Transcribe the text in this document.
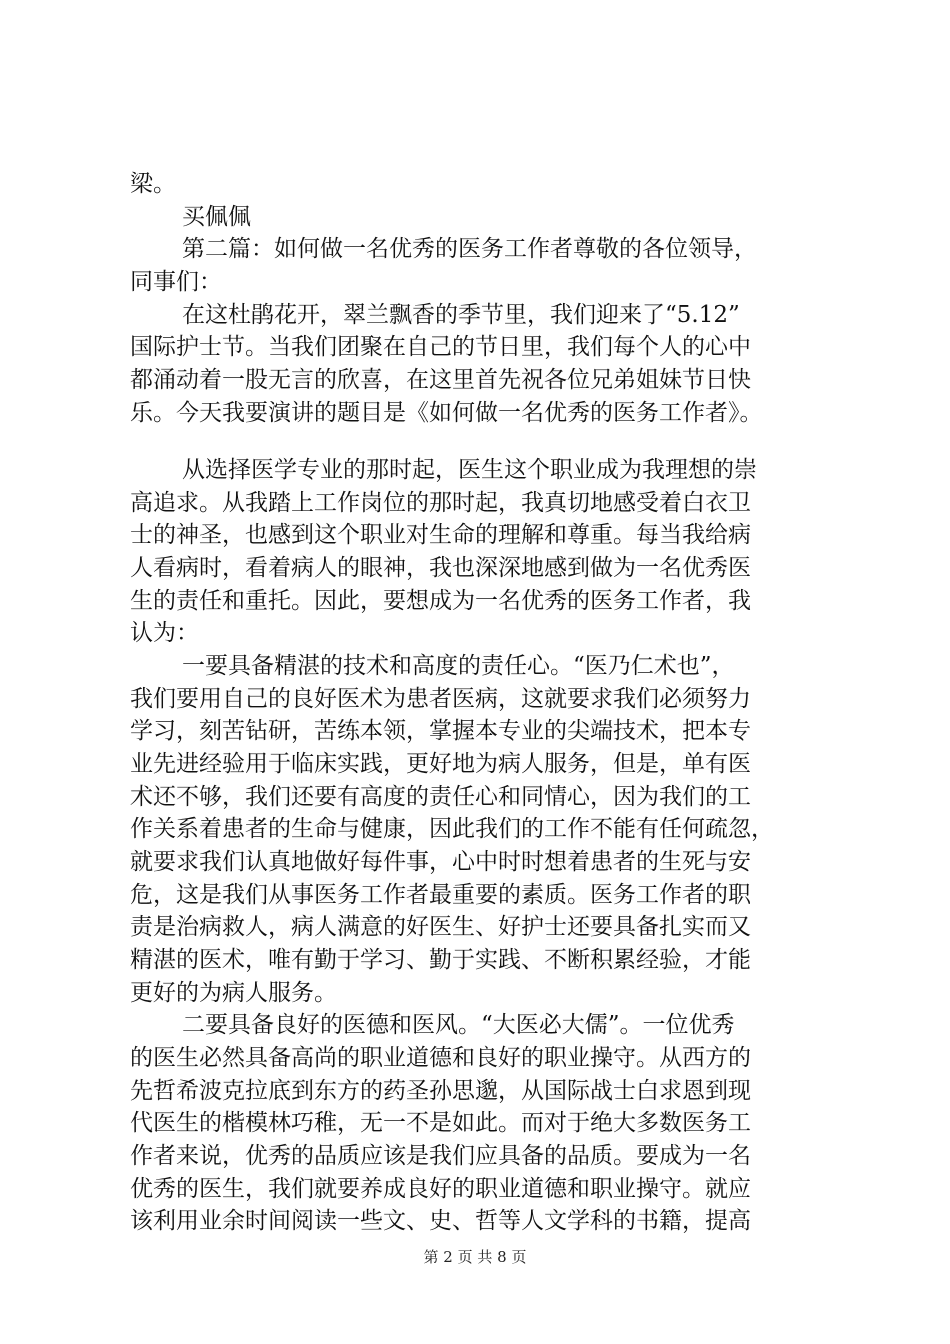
梁。
买佩佩
第二篇：如何做一名优秀的医务工作者尊敬的各位领导，
同事们：
在这杜鹃花开，翠兰飘香的季节里，我们迎来了“5.12”
国际护士节。当我们团聚在自己的节日里，我们每个人的心中
都涌动着一股无言的欣喜，在这里首先祝各位兄弟姐妹节日快
乐。今天我要演讲的题目是《如何做一名优秀的医务工作者》。
从选择医学专业的那时起，医生这个职业成为我理想的崇
高追求。从我踏上工作岗位的那时起，我真切地感受着白衣卫
士的神圣，也感到这个职业对生命的理解和尊重。每当我给病
人看病时，看着病人的眼神，我也深深地感到做为一名优秀医
生的责任和重托。因此，要想成为一名优秀的医务工作者，我
认为：
一要具备精湛的技术和高度的责任心。“医乃仁术也”，
我们要用自己的良好医术为患者医病，这就要求我们必须努力
学习，刻苦钻研，苦练本领，掌握本专业的尖端技术，把本专
业先进经验用于临床实践，更好地为病人服务，但是，单有医
术还不够，我们还要有高度的责任心和同情心，因为我们的工
作关系着患者的生命与健康，因此我们的工作不能有任何疏忽，
就要求我们认真地做好每件事，心中时时想着患者的生死与安
危，这是我们从事医务工作者最重要的素质。医务工作者的职
责是治病救人，病人满意的好医生、好护士还要具备扎实而又
精湛的医术，唯有勤于学习、勤于实践、不断积累经验，才能
更好的为病人服务。
二要具备良好的医德和医风。“大医必大儒”。一位优秀
的医生必然具备高尚的职业道德和良好的职业操守。从西方的
先哲希波克拉底到东方的药圣孙思邈，从国际战士白求恩到现
代医生的楷模林巧稚，无一不是如此。而对于绝大多数医务工
作者来说，优秀的品质应该是我们应具备的品质。要成为一名
优秀的医生，我们就要养成良好的职业道德和职业操守。就应
该利用业余时间阅读一些文、史、哲等人文学科的书籍，提高
第 2 页 共 8 页
